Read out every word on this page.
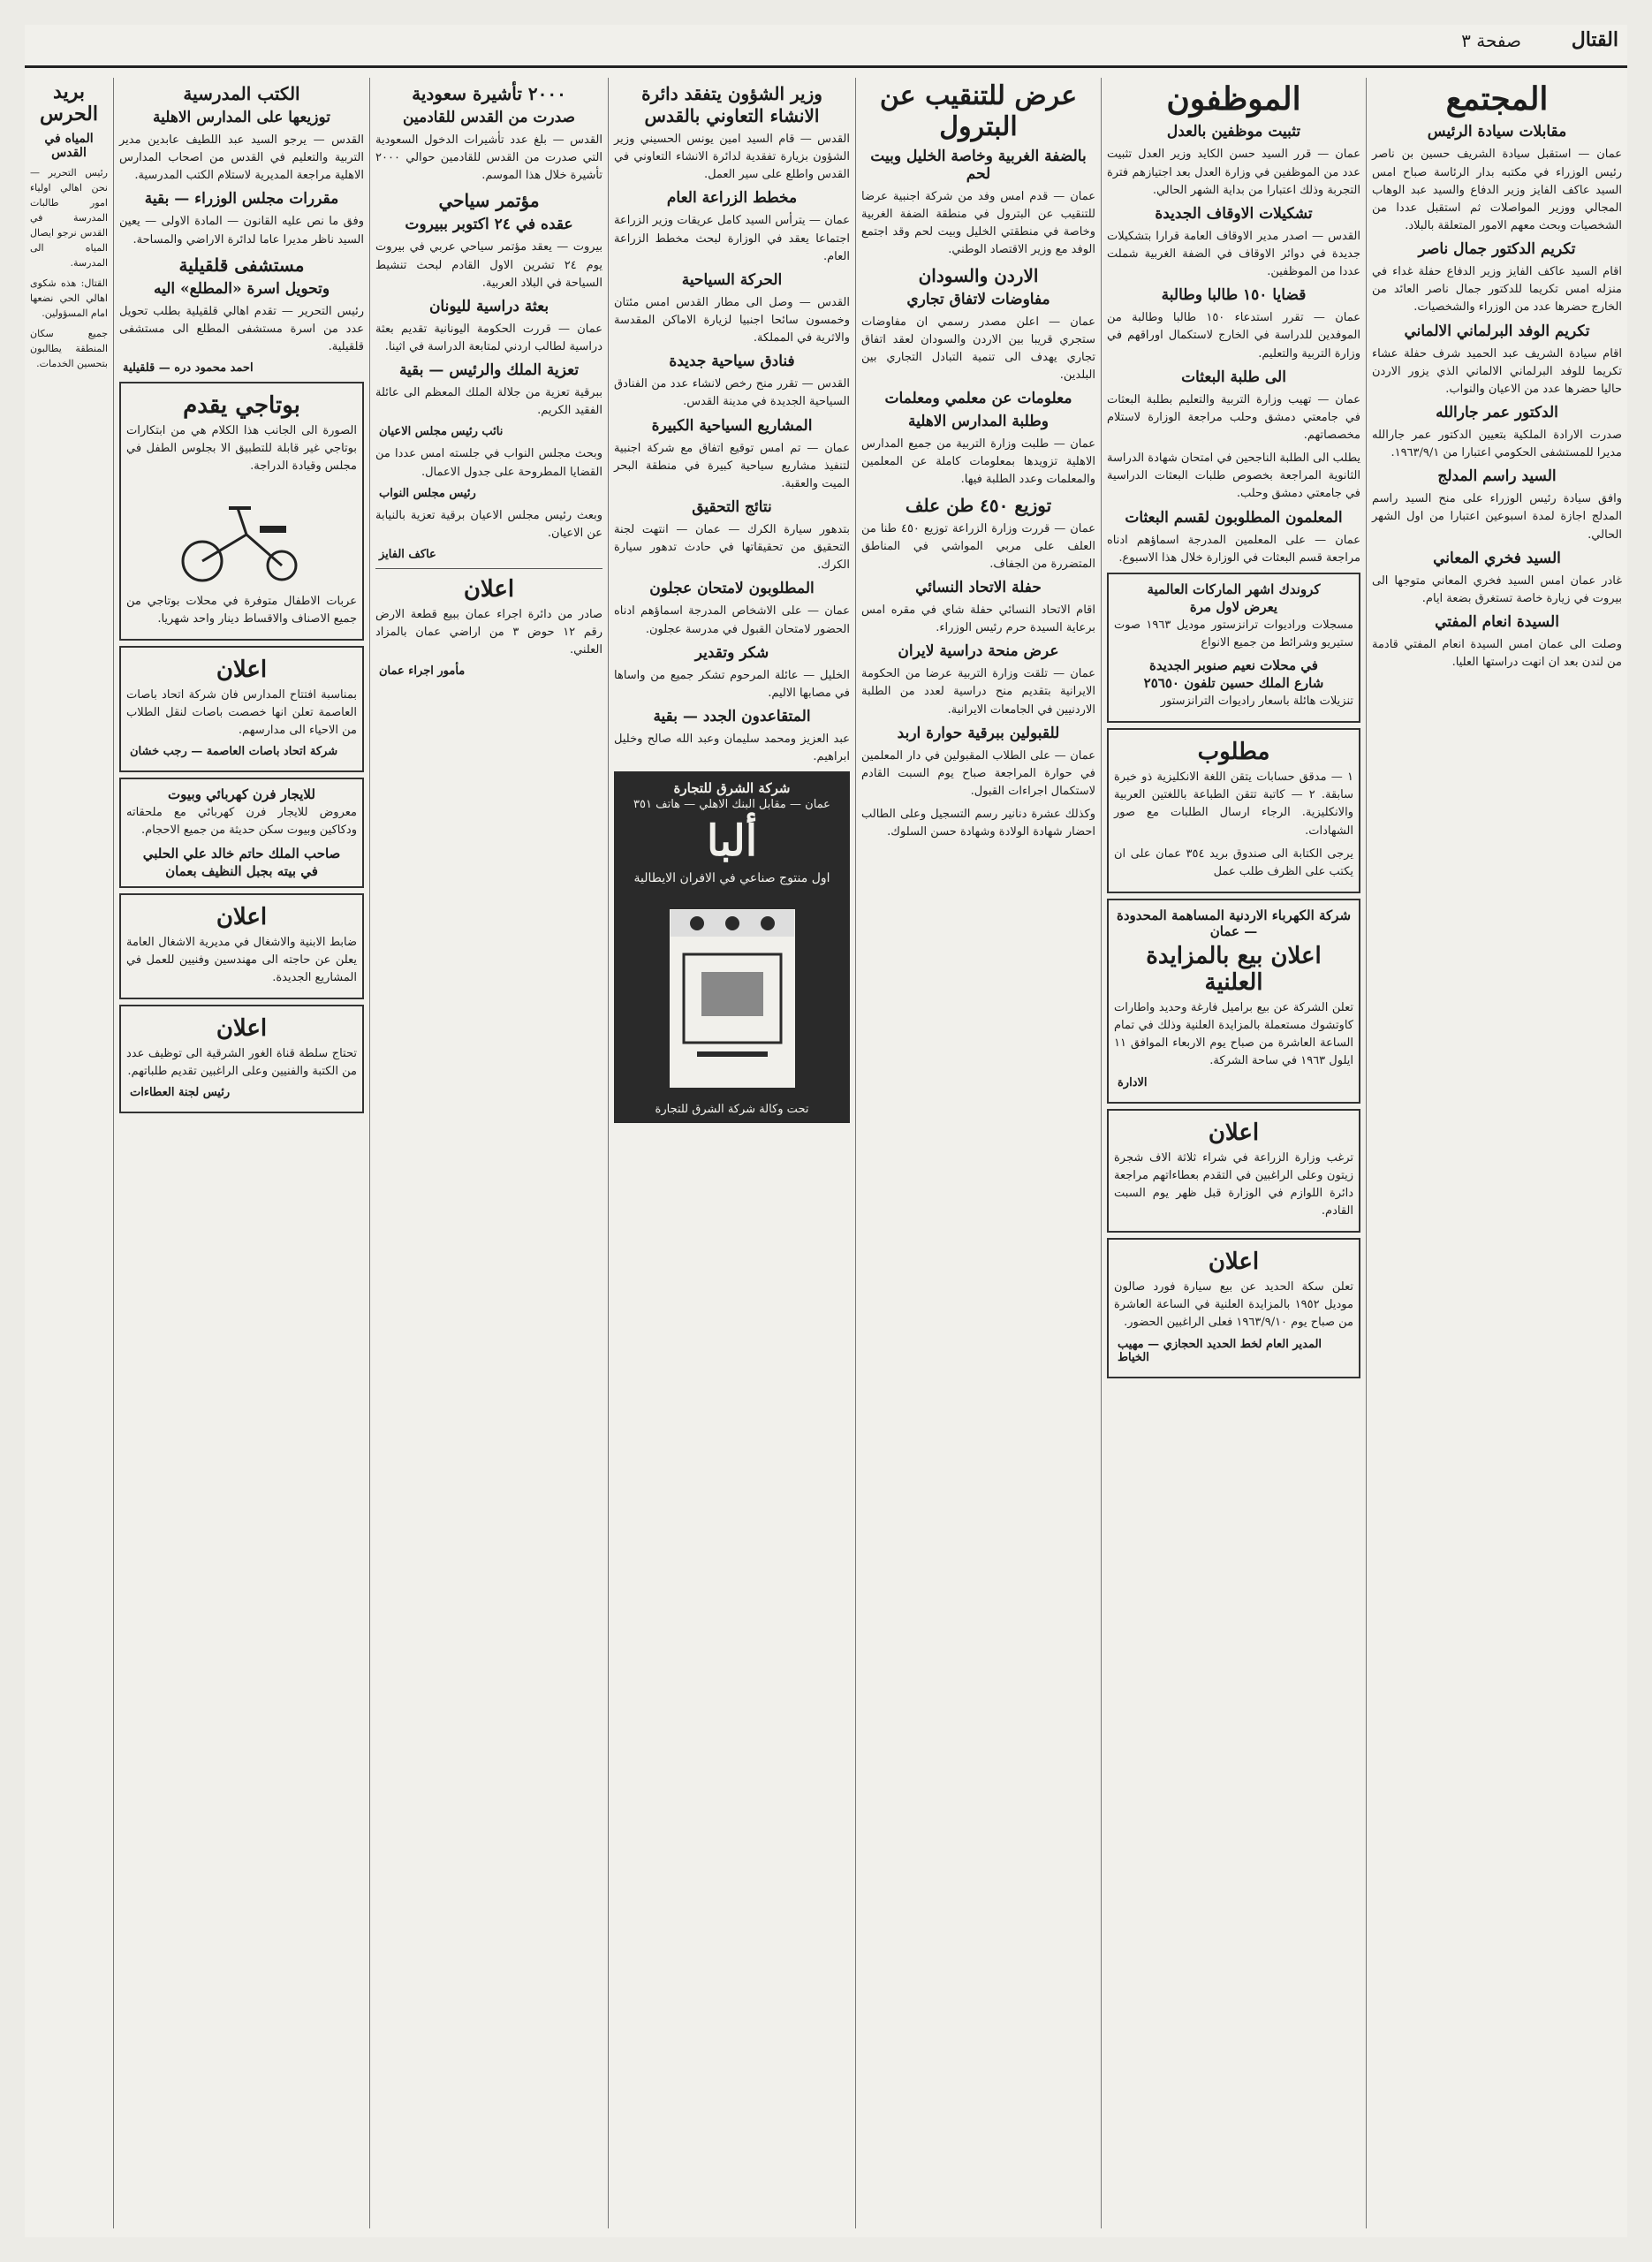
القتال
صفحة ٣
المجتمع
مقابلات سيادة الرئيس

عمان — استقبل سيادة الشريف حسين بن ناصر رئيس الوزراء في مكتبه بدار الرئاسة صباح امس السيد عاكف الفايز وزير الدفاع والسيد عبد الوهاب المجالي ووزير المواصلات ثم استقبل عددا من الشخصيات وبحث معهم الامور المتعلقة بالبلاد.

تكريم الدكتور جمال ناصر

اقام السيد عاكف الفايز وزير الدفاع حفلة غداء في منزله امس تكريما للدكتور جمال ناصر العائد من الخارج حضرها عدد من الوزراء والشخصيات.

تكريم الوفد البرلماني الالماني

اقام سيادة الشريف عبد الحميد شرف حفلة عشاء تكريما للوفد البرلماني الالماني الذي يزور الاردن حاليا حضرها عدد من الاعيان والنواب.

الدكتور عمر جارالله

صدرت الارادة الملكية بتعيين الدكتور عمر جارالله مديرا للمستشفى الحكومي اعتبارا من ١٩٦٣/٩/١.

السيد راسم المدلج

وافق سيادة رئيس الوزراء على منح السيد راسم المدلج اجازة لمدة اسبوعين اعتبارا من اول الشهر الحالي.

السيد فخري المعاني

غادر عمان امس السيد فخري المعاني متوجها الى بيروت في زيارة خاصة تستغرق بضعة ايام.

السيدة انعام المفتي

وصلت الى عمان امس السيدة انعام المفتي قادمة من لندن بعد ان انهت دراستها العليا.

الموظفون
تثبيت موظفين بالعدل

عمان — قرر السيد حسن الكايد وزير العدل تثبيت عدد من الموظفين في وزارة العدل بعد اجتيازهم فترة التجربة وذلك اعتبارا من بداية الشهر الحالي.

تشكيلات الاوقاف الجديدة

القدس — اصدر مدير الاوقاف العامة قرارا بتشكيلات جديدة في دوائر الاوقاف في الضفة الغربية شملت عددا من الموظفين.

قضايا ١٥٠ طالبا وطالبة

عمان — تقرر استدعاء ١٥٠ طالبا وطالبة من الموفدين للدراسة في الخارج لاستكمال اوراقهم في وزارة التربية والتعليم.

الى طلبة البعثات

عمان — تهيب وزارة التربية والتعليم بطلبة البعثات في جامعتي دمشق وحلب مراجعة الوزارة لاستلام مخصصاتهم.

يطلب الى الطلبة الناجحين في امتحان شهادة الدراسة الثانوية المراجعة بخصوص طلبات البعثات الدراسية في جامعتي دمشق وحلب.

المعلمون المطلوبون لقسم البعثات

عمان — على المعلمين المدرجة اسماؤهم ادناه مراجعة قسم البعثات في الوزارة خلال هذا الاسبوع.

كروندك اشهر الماركات العالمية
يعرض لاول مرة

مسجلات وراديوات ترانزستور موديل ١٩٦٣ صوت ستيريو وشرائط من جميع الانواع

في محلات نعيم صنوبر الجديدة
شارع الملك حسين تلفون ٢٥٦٥٠

تنزيلات هائلة باسعار راديوات الترانزستور

مطلوب

١ — مدقق حسابات يتقن اللغة الانكليزية ذو خبرة سابقة. ٢ — كاتبة تتقن الطباعة باللغتين العربية والانكليزية. الرجاء ارسال الطلبات مع صور الشهادات.

يرجى الكتابة الى صندوق بريد ٣٥٤ عمان على ان يكتب على الظرف طلب عمل

شركة الكهرباء الاردنية المساهمة المحدودة — عمان
اعلان بيع بالمزايدة العلنية

تعلن الشركة عن بيع براميل فارغة وحديد واطارات كاوتشوك مستعملة بالمزايدة العلنية وذلك في تمام الساعة العاشرة من صباح يوم الاربعاء الموافق ١١ ايلول ١٩٦٣ في ساحة الشركة.

الادارة
اعلان

ترغب وزارة الزراعة في شراء ثلاثة الاف شجرة زيتون وعلى الراغبين في التقدم بعطاءاتهم مراجعة دائرة اللوازم في الوزارة قبل ظهر يوم السبت القادم.

اعلان

تعلن سكة الحديد عن بيع سيارة فورد صالون موديل ١٩٥٢ بالمزايدة العلنية في الساعة العاشرة من صباح يوم ١٩٦٣/٩/١٠ فعلى الراغبين الحضور.

المدير العام لخط الحديد الحجازي — مهيب الخياط
عرض للتنقيب عن البترول
بالضفة الغربية وخاصة الخليل وبيت لحم

عمان — قدم امس وفد من شركة اجنبية عرضا للتنقيب عن البترول في منطقة الضفة الغربية وخاصة في منطقتي الخليل وبيت لحم وقد اجتمع الوفد مع وزير الاقتصاد الوطني.

الاردن والسودان
مفاوضات لاتفاق تجاري

عمان — اعلن مصدر رسمي ان مفاوضات ستجري قريبا بين الاردن والسودان لعقد اتفاق تجاري يهدف الى تنمية التبادل التجاري بين البلدين.

معلومات عن معلمي ومعلمات
وطلبة المدارس الاهلية

عمان — طلبت وزارة التربية من جميع المدارس الاهلية تزويدها بمعلومات كاملة عن المعلمين والمعلمات وعدد الطلبة فيها.

توزيع ٤٥٠ طن علف

عمان — قررت وزارة الزراعة توزيع ٤٥٠ طنا من العلف على مربي المواشي في المناطق المتضررة من الجفاف.

حفلة الاتحاد النسائي

اقام الاتحاد النسائي حفلة شاي في مقره امس برعاية السيدة حرم رئيس الوزراء.

عرض منحة دراسية لايران

عمان — تلقت وزارة التربية عرضا من الحكومة الايرانية بتقديم منح دراسية لعدد من الطلبة الاردنيين في الجامعات الايرانية.

للقبولين ببرقية حوارة اربد

عمان — على الطلاب المقبولين في دار المعلمين في حوارة المراجعة صباح يوم السبت القادم لاستكمال اجراءات القبول.

وكذلك عشرة دنانير رسم التسجيل وعلى الطالب احضار شهادة الولادة وشهادة حسن السلوك.

وزير الشؤون يتفقد دائرة الانشاء التعاوني بالقدس

القدس — قام السيد امين يونس الحسيني وزير الشؤون بزيارة تفقدية لدائرة الانشاء التعاوني في القدس واطلع على سير العمل.

مخطط الزراعة العام

عمان — يترأس السيد كامل عريقات وزير الزراعة اجتماعا يعقد في الوزارة لبحث مخطط الزراعة العام.

الحركة السياحية

القدس — وصل الى مطار القدس امس مئتان وخمسون سائحا اجنبيا لزيارة الاماكن المقدسة والاثرية في المملكة.

فنادق سياحية جديدة

القدس — تقرر منح رخص لانشاء عدد من الفنادق السياحية الجديدة في مدينة القدس.

المشاريع السياحية الكبيرة

عمان — تم امس توقيع اتفاق مع شركة اجنبية لتنفيذ مشاريع سياحية كبيرة في منطقة البحر الميت والعقبة.

نتائج التحقيق

بتدهور سيارة الكرك — عمان — انتهت لجنة التحقيق من تحقيقاتها في حادث تدهور سيارة الكرك.

المطلوبون لامتحان عجلون

عمان — على الاشخاص المدرجة اسماؤهم ادناه الحضور لامتحان القبول في مدرسة عجلون.

شكر وتقدير

الخليل — عائلة المرحوم تشكر جميع من واساها في مصابها الاليم.

المتقاعدون الجدد — بقية

عبد العزيز ومحمد سليمان وعبد الله صالح وخليل ابراهيم.

شركة الشرق للتجارة
عمان — مقابل البنك الاهلي — هاتف ٣٥١
ألبا
اول منتوج صناعي في الافران الايطالية
تحت وكالة شركة الشرق للتجارة
٢٠٠٠ تأشيرة سعودية
صدرت من القدس للقادمين

القدس — بلغ عدد تأشيرات الدخول السعودية التي صدرت من القدس للقادمين حوالي ٢٠٠٠ تأشيرة خلال هذا الموسم.

مؤتمر سياحي
عقده في ٢٤ اكتوبر ببيروت

بيروت — يعقد مؤتمر سياحي عربي في بيروت يوم ٢٤ تشرين الاول القادم لبحث تنشيط السياحة في البلاد العربية.

بعثة دراسية لليونان

عمان — قررت الحكومة اليونانية تقديم بعثة دراسية لطالب اردني لمتابعة الدراسة في اثينا.

تعزية الملك والرئيس — بقية

ببرقية تعزية من جلالة الملك المعظم الى عائلة الفقيد الكريم.

نائب رئيس مجلس الاعيان

وبحث مجلس النواب في جلسته امس عددا من القضايا المطروحة على جدول الاعمال.

رئيس مجلس النواب

وبعث رئيس مجلس الاعيان برقية تعزية بالنيابة عن الاعيان.

عاكف الفايز
اعلان

صادر من دائرة اجراء عمان ببيع قطعة الارض رقم ١٢ حوض ٣ من اراضي عمان بالمزاد العلني.

مأمور اجراء عمان
الكتب المدرسية
توزيعها على المدارس الاهلية

القدس — يرجو السيد عبد اللطيف عابدين مدير التربية والتعليم في القدس من اصحاب المدارس الاهلية مراجعة المديرية لاستلام الكتب المدرسية.

مقررات مجلس الوزراء — بقية

وفق ما نص عليه القانون — المادة الاولى — يعين السيد ناظر مديرا عاما لدائرة الاراضي والمساحة.

مستشفى قلقيلية
وتحويل اسرة «المطلع» اليه

رئيس التحرير — تقدم اهالي قلقيلية بطلب تحويل عدد من اسرة مستشفى المطلع الى مستشفى قلقيلية.

احمد محمود دره — قلقيلية
بوتاجي يقدم

الصورة الى الجانب هذا الكلام هي من ابتكارات بوتاجي غير قابلة للتطبيق الا بجلوس الطفل في مجلس وقيادة الدراجة.

عربات الاطفال متوفرة في محلات بوتاجي من جميع الاصناف والاقساط دينار واحد شهريا.

اعلان

بمناسبة افتتاح المدارس فان شركة اتحاد باصات العاصمة تعلن انها خصصت باصات لنقل الطلاب من الاحياء الى مدارسهم.

شركة اتحاد باصات العاصمة — رجب خشان
للايجار فرن كهربائي وبيوت

معروض للايجار فرن كهربائي مع ملحقاته ودكاكين وبيوت سكن حديثة من جميع الاحجام.

صاحب الملك حاتم خالد علي الحلبي
في بيته بجبل النظيف بعمان
اعلان

ضابط الابنية والاشغال في مديرية الاشغال العامة يعلن عن حاجته الى مهندسين وفنيين للعمل في المشاريع الجديدة.

اعلان

تحتاج سلطة قناة الغور الشرقية الى توظيف عدد من الكتبة والفنيين وعلى الراغبين تقديم طلباتهم.

رئيس لجنة العطاءات
بريد الحرس
المياه في القدس

رئيس التحرير — نحن اهالي اولياء امور طالبات المدرسة في القدس نرجو ايصال المياه الى المدرسة.

القتال: هذه شكوى اهالي الحي نضعها امام المسؤولين.

جميع سكان المنطقة يطالبون بتحسين الخدمات.
